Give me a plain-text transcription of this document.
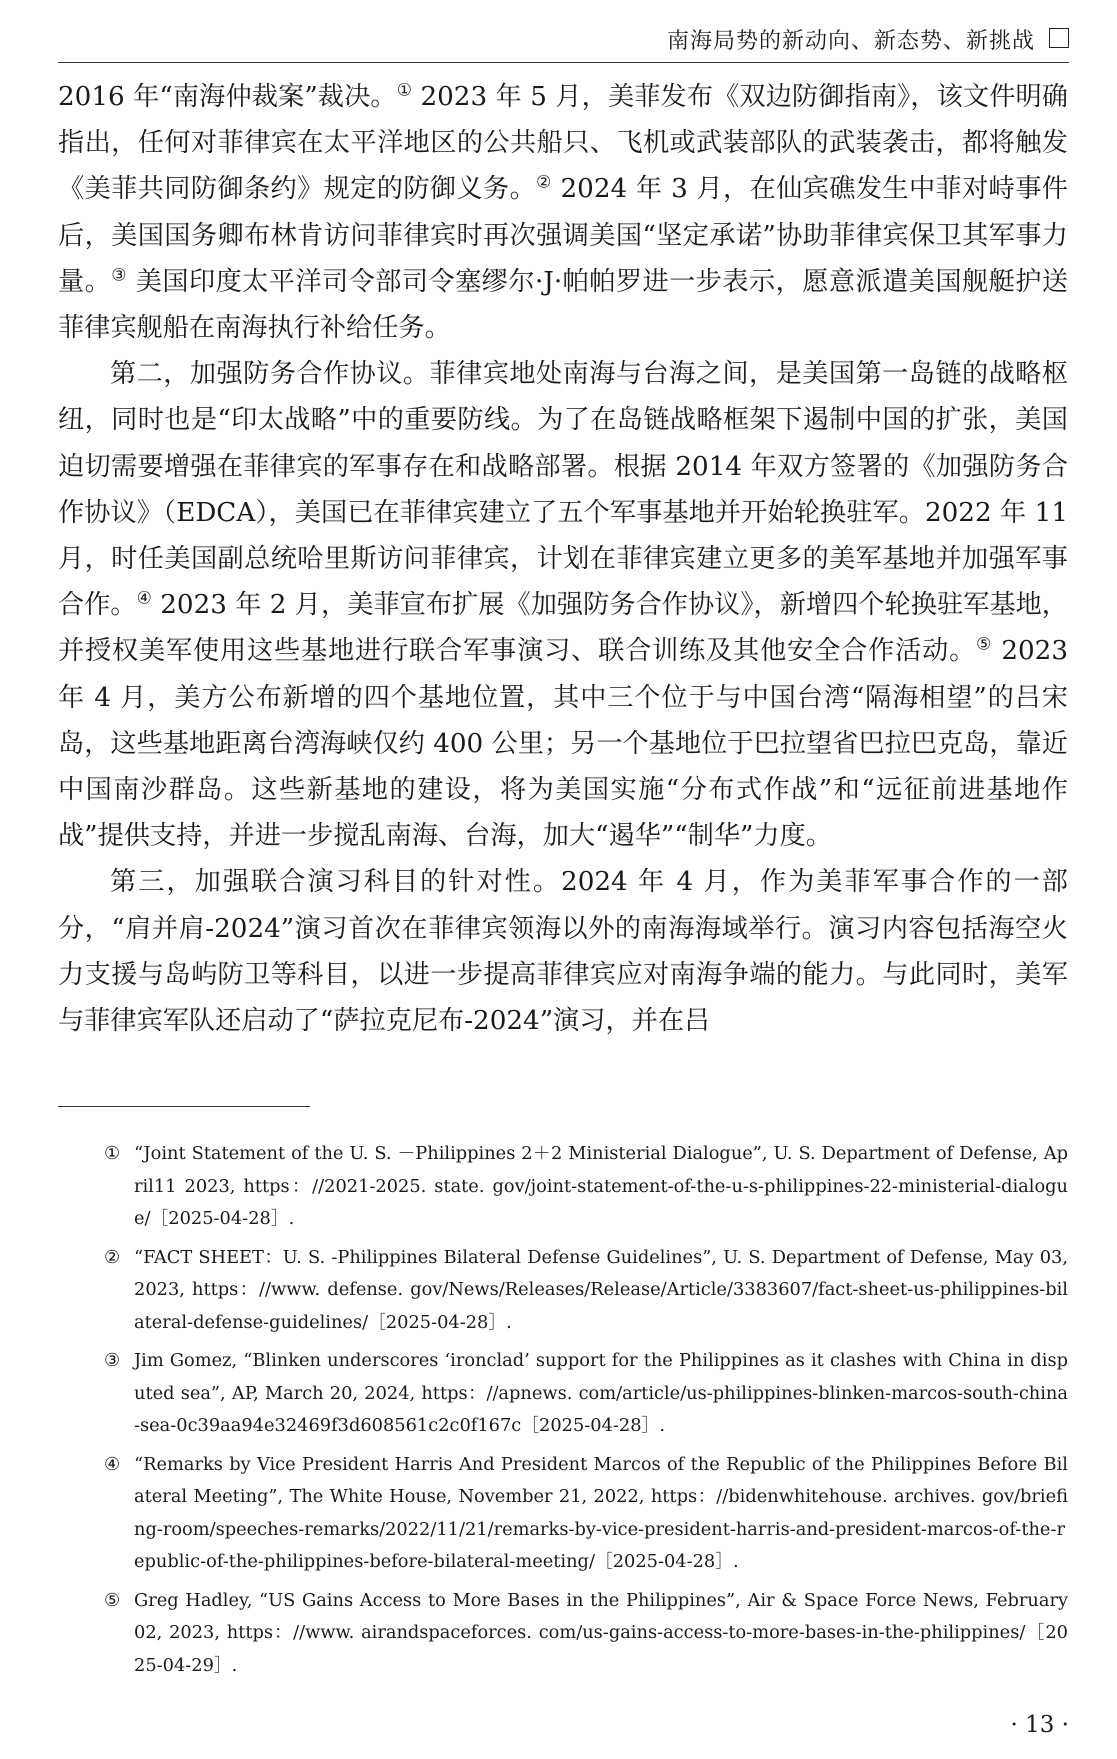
南海局势的新动向、新态势、新挑战

2016 年“南海仲裁案”裁决。① 2023 年 5 月，美菲发布《双边防御指南》，该文件明确指出，任何对菲律宾在太平洋地区的公共船只、飞机或武装部队的武装袭击，都将触发《美菲共同防御条约》规定的防御义务。② 2024 年 3 月，在仙宾礁发生中菲对峙事件后，美国国务卿布林肯访问菲律宾时再次强调美国“坚定承诺”协助菲律宾保卫其军事力量。③ 美国印度太平洋司令部司令塞缪尔·J·帕帕罗进一步表示，愿意派遣美国舰艇护送菲律宾舰船在南海执行补给任务。

第二，加强防务合作协议。菲律宾地处南海与台海之间，是美国第一岛链的战略枢纽，同时也是“印太战略”中的重要防线。为了在岛链战略框架下遏制中国的扩张，美国迫切需要增强在菲律宾的军事存在和战略部署。根据 2014 年双方签署的《加强防务合作协议》（EDCA），美国已在菲律宾建立了五个军事基地并开始轮换驻军。2022 年 11 月，时任美国副总统哈里斯访问菲律宾，计划在菲律宾建立更多的美军基地并加强军事合作。④ 2023 年 2 月，美菲宣布扩展《加强防务合作协议》，新增四个轮换驻军基地，并授权美军使用这些基地进行联合军事演习、联合训练及其他安全合作活动。⑤ 2023 年 4 月，美方公布新增的四个基地位置，其中三个位于与中国台湾“隔海相望”的吕宋岛，这些基地距离台湾海峡仅约 400 公里；另一个基地位于巴拉望省巴拉巴克岛，靠近中国南沙群岛。这些新基地的建设，将为美国实施“分布式作战”和“远征前进基地作战”提供支持，并进一步搅乱南海、台海，加大“遏华”“制华”力度。

第三，加强联合演习科目的针对性。2024 年 4 月，作为美菲军事合作的一部分，“肩并肩-2024”演习首次在菲律宾领海以外的南海海域举行。演习内容包括海空火力支援与岛屿防卫等科目，以进一步提高菲律宾应对南海争端的能力。与此同时，美军与菲律宾军队还启动了“萨拉克尼布-2024”演习，并在吕

① “Joint Statement of the U. S. －Philippines 2＋2 Ministerial Dialogue”, U. S. Department of Defense, April11 2023, https：//2021-2025. state. gov/joint-statement-of-the-u-s-philippines-22-ministerial-dialogue/［2025-04-28］.

② “FACT SHEET：U. S. -Philippines Bilateral Defense Guidelines”, U. S. Department of Defense, May 03, 2023, https：//www. defense. gov/News/Releases/Release/Article/3383607/fact-sheet-us-philippines-bilateral-defense-guidelines/［2025-04-28］.

③ Jim Gomez, “Blinken underscores ‘ironclad’ support for the Philippines as it clashes with China in disputed sea”, AP, March 20, 2024, https：//apnews. com/article/us-philippines-blinken-marcos-south-china-sea-0c39aa94e32469f3d608561c2c0f167c［2025-04-28］.

④ “Remarks by Vice President Harris And President Marcos of the Republic of the Philippines Before Bilateral Meeting”, The White House, November 21, 2022, https：//bidenwhitehouse. archives. gov/briefing-room/speeches-remarks/2022/11/21/remarks-by-vice-president-harris-and-president-marcos-of-the-republic-of-the-philippines-before-bilateral-meeting/［2025-04-28］.

⑤ Greg Hadley, “US Gains Access to More Bases in the Philippines”, Air & Space Force News, February 02, 2023, https：//www. airandspaceforces. com/us-gains-access-to-more-bases-in-the-philippines/［2025-04-29］.

· 13 ·
